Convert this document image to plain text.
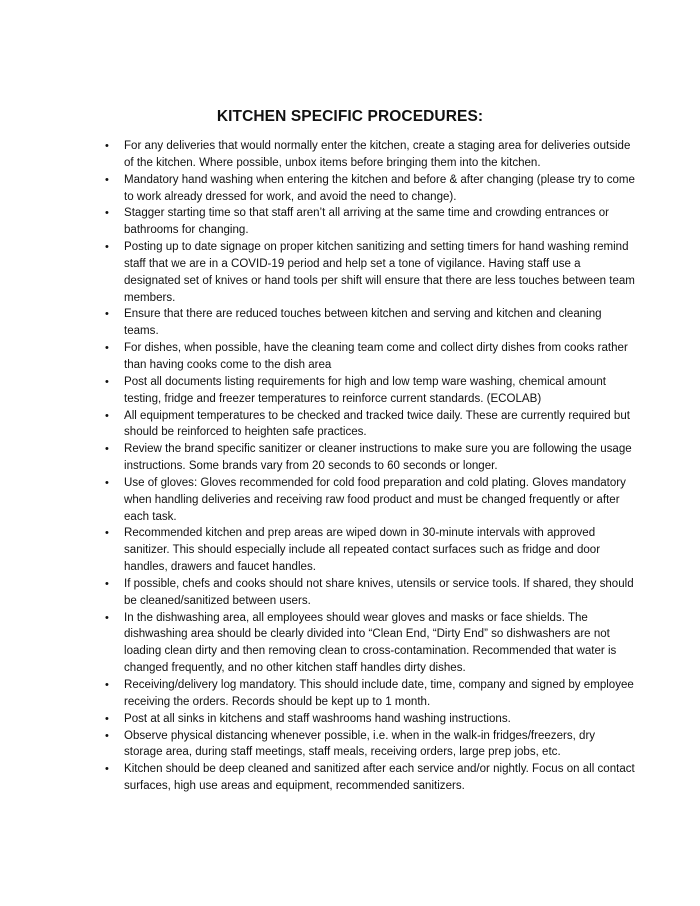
KITCHEN SPECIFIC PROCEDURES:
• For any deliveries that would normally enter the kitchen, create a staging area for deliveries outside of the kitchen. Where possible, unbox items before bringing them into the kitchen.
• Mandatory hand washing when entering the kitchen and before & after changing (please try to come to work already dressed for work, and avoid the need to change).
• Stagger starting time so that staff aren’t all arriving at the same time and crowding entrances or bathrooms for changing.
• Posting up to date signage on proper kitchen sanitizing and setting timers for hand washing remind staff that we are in a COVID-19 period and help set a tone of vigilance. Having staff use a designated set of knives or hand tools per shift will ensure that there are less touches between team members.
• Ensure that there are reduced touches between kitchen and serving and kitchen and cleaning teams.
• For dishes, when possible, have the cleaning team come and collect dirty dishes from cooks rather than having cooks come to the dish area
• Post all documents listing requirements for high and low temp ware washing, chemical amount testing, fridge and freezer temperatures to reinforce current standards. (ECOLAB)
• All equipment temperatures to be checked and tracked twice daily. These are currently required but should be reinforced to heighten safe practices.
• Review the brand specific sanitizer or cleaner instructions to make sure you are following the usage instructions. Some brands vary from 20 seconds to 60 seconds or longer.
• Use of gloves: Gloves recommended for cold food preparation and cold plating. Gloves mandatory when handling deliveries and receiving raw food product and must be changed frequently or after each task.
• Recommended kitchen and prep areas are wiped down in 30-minute intervals with approved sanitizer. This should especially include all repeated contact surfaces such as fridge and door handles, drawers and faucet handles.
• If possible, chefs and cooks should not share knives, utensils or service tools. If shared, they should be cleaned/sanitized between users.
• In the dishwashing area, all employees should wear gloves and masks or face shields. The dishwashing area should be clearly divided into “Clean End, “Dirty End” so dishwashers are not loading clean dirty and then removing clean to cross-contamination. Recommended that water is changed frequently, and no other kitchen staff handles dirty dishes.
• Receiving/delivery log mandatory. This should include date, time, company and signed by employee receiving the orders. Records should be kept up to 1 month.
• Post at all sinks in kitchens and staff washrooms hand washing instructions.
• Observe physical distancing whenever possible, i.e. when in the walk-in fridges/freezers, dry storage area, during staff meetings, staff meals, receiving orders, large prep jobs, etc.
• Kitchen should be deep cleaned and sanitized after each service and/or nightly. Focus on all contact surfaces, high use areas and equipment, recommended sanitizers.
